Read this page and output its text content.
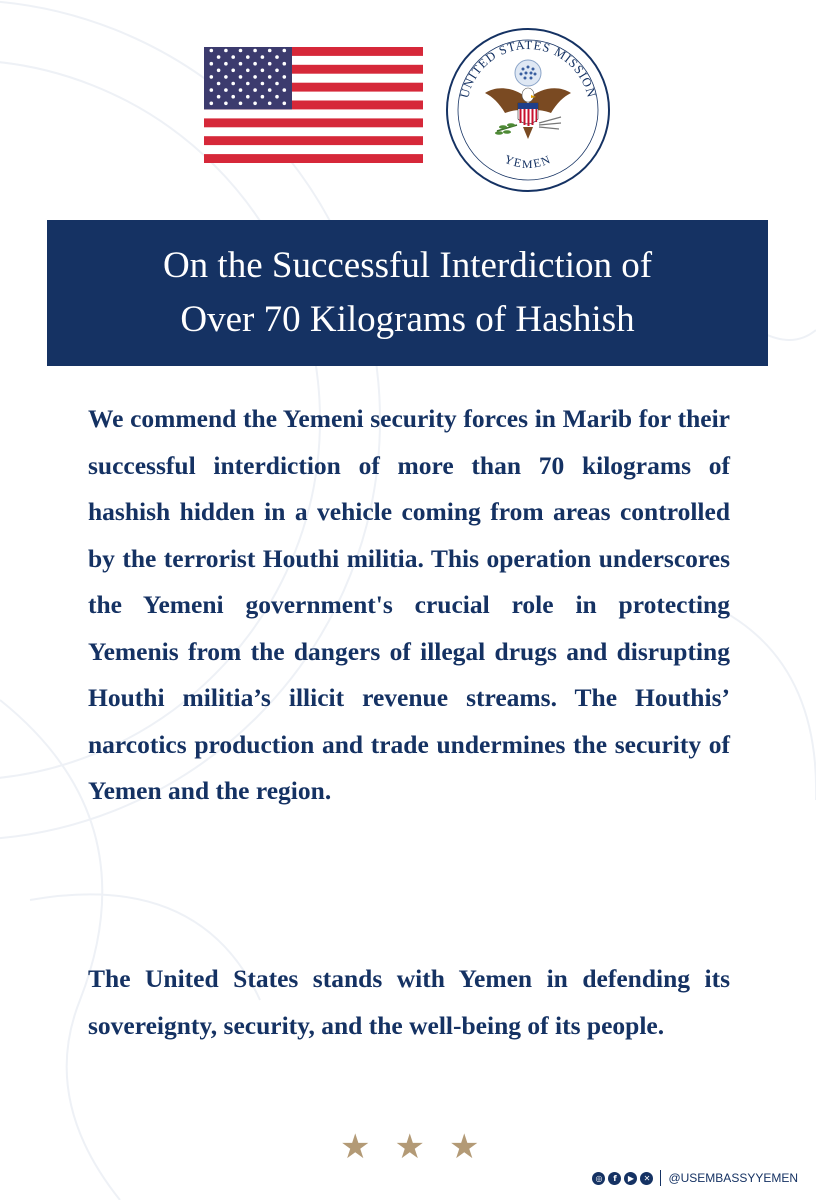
UNITED STATES MISSION
YEMEN
On the Successful Interdiction of
Over 70 Kilograms of Hashish

We commend the Yemeni security forces in Marib for their successful interdiction of more than 70 kilograms of hashish hidden in a vehicle coming from areas controlled by the terrorist Houthi militia. This operation underscores the Yemeni government's crucial role in protecting Yemenis from the dangers of illegal drugs and disrupting Houthi militia’s illicit revenue streams. The Houthis’ narcotics production and trade undermines the security of Yemen and the region.

The United States stands with Yemen in defending its sovereignty, security, and the well-being of its people.

★ ★ ★
◎	f	▶	✕ @USEMBASSYYEMEN
